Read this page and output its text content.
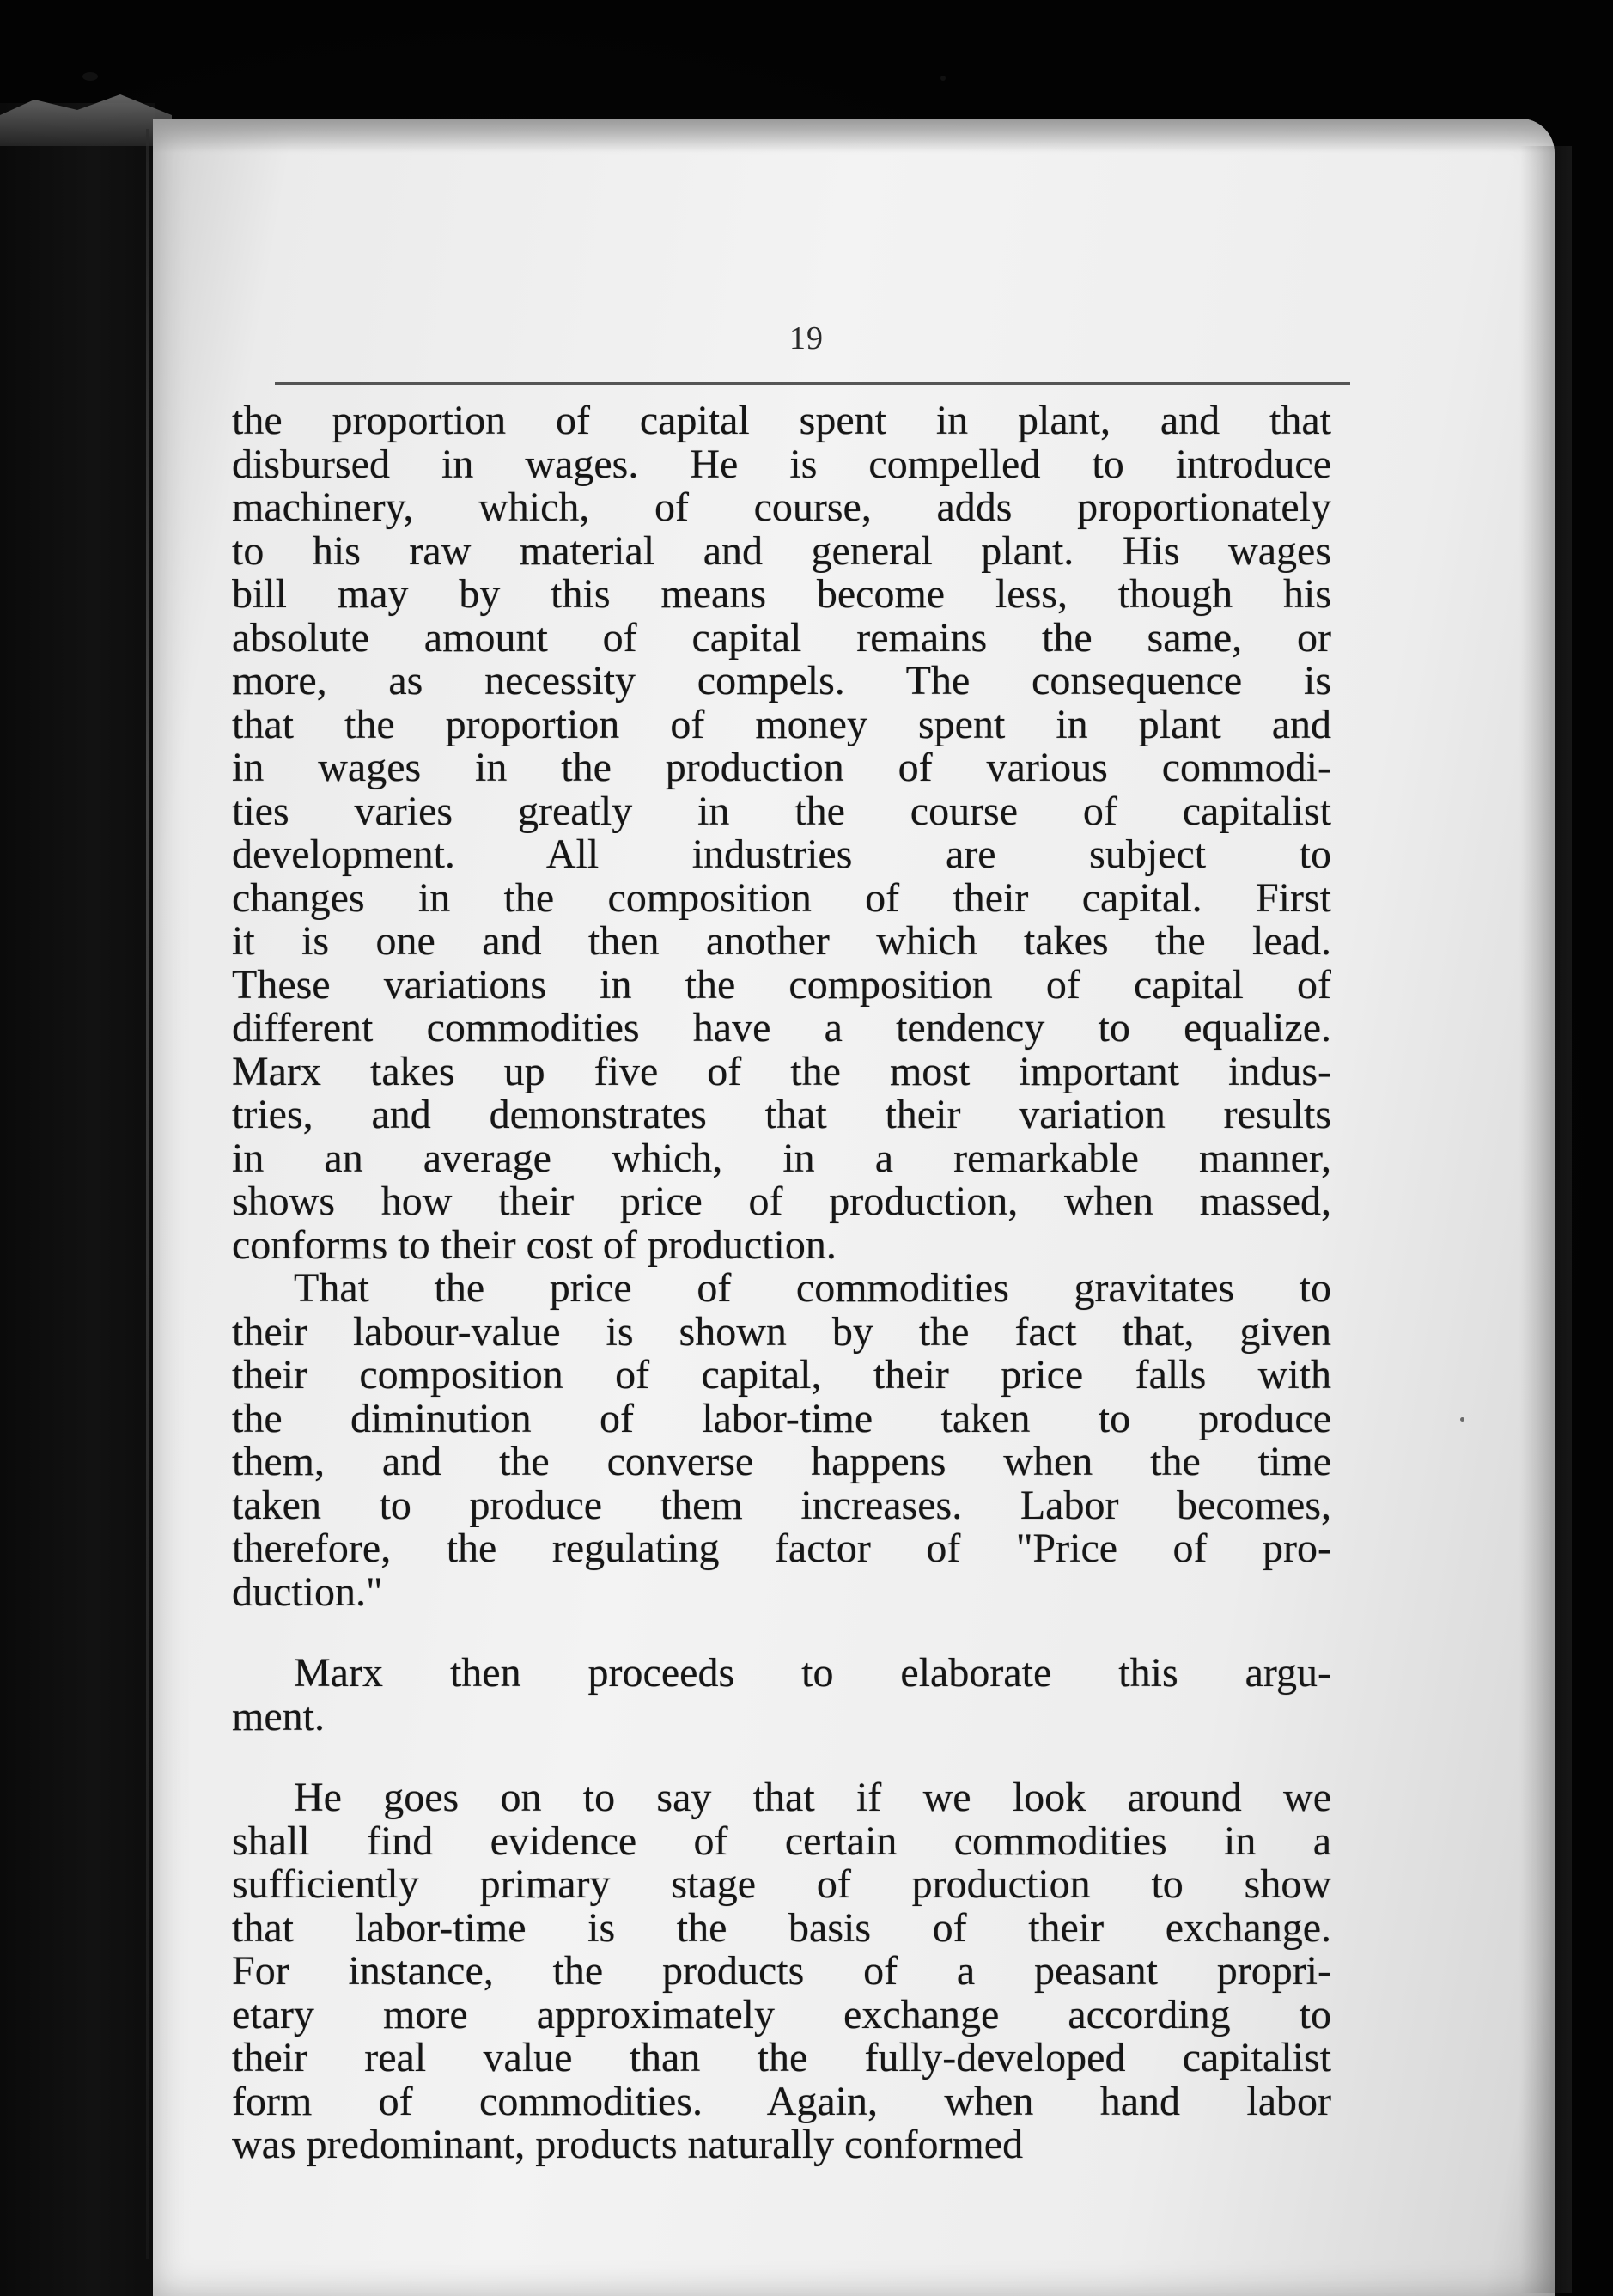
19
the proportion of capital spent in plant, and that
disbursed in wages. He is compelled to introduce
machinery, which, of course, adds proportionately
to his raw material and general plant. His wages
bill may by this means become less, though his
absolute amount of capital remains the same, or
more, as necessity compels. The consequence is
that the proportion of money spent in plant and
in wages in the production of various commodi-
ties varies greatly in the course of capitalist
development. All industries are subject to
changes in the composition of their capital. First
it is one and then another which takes the lead.
These variations in the composition of capital of
different commodities have a tendency to equalize.
Marx takes up five of the most important indus-
tries, and demonstrates that their variation results
in an average which, in a remarkable manner,
shows how their price of production, when massed,
conforms to their cost of production.
That the price of commodities gravitates to
their labour-value is shown by the fact that, given
their composition of capital, their price falls with
the diminution of labor-time taken to produce
them, and the converse happens when the time
taken to produce them increases. Labor becomes,
therefore, the regulating factor of "Price of pro-
duction."
Marx then proceeds to elaborate this argu-
ment.
He goes on to say that if we look around we
shall find evidence of certain commodities in a
sufficiently primary stage of production to show
that labor-time is the basis of their exchange.
For instance, the products of a peasant propri-
etary more approximately exchange according to
their real value than the fully-developed capitalist
form of commodities. Again, when hand labor
was predominant, products naturally conformed
